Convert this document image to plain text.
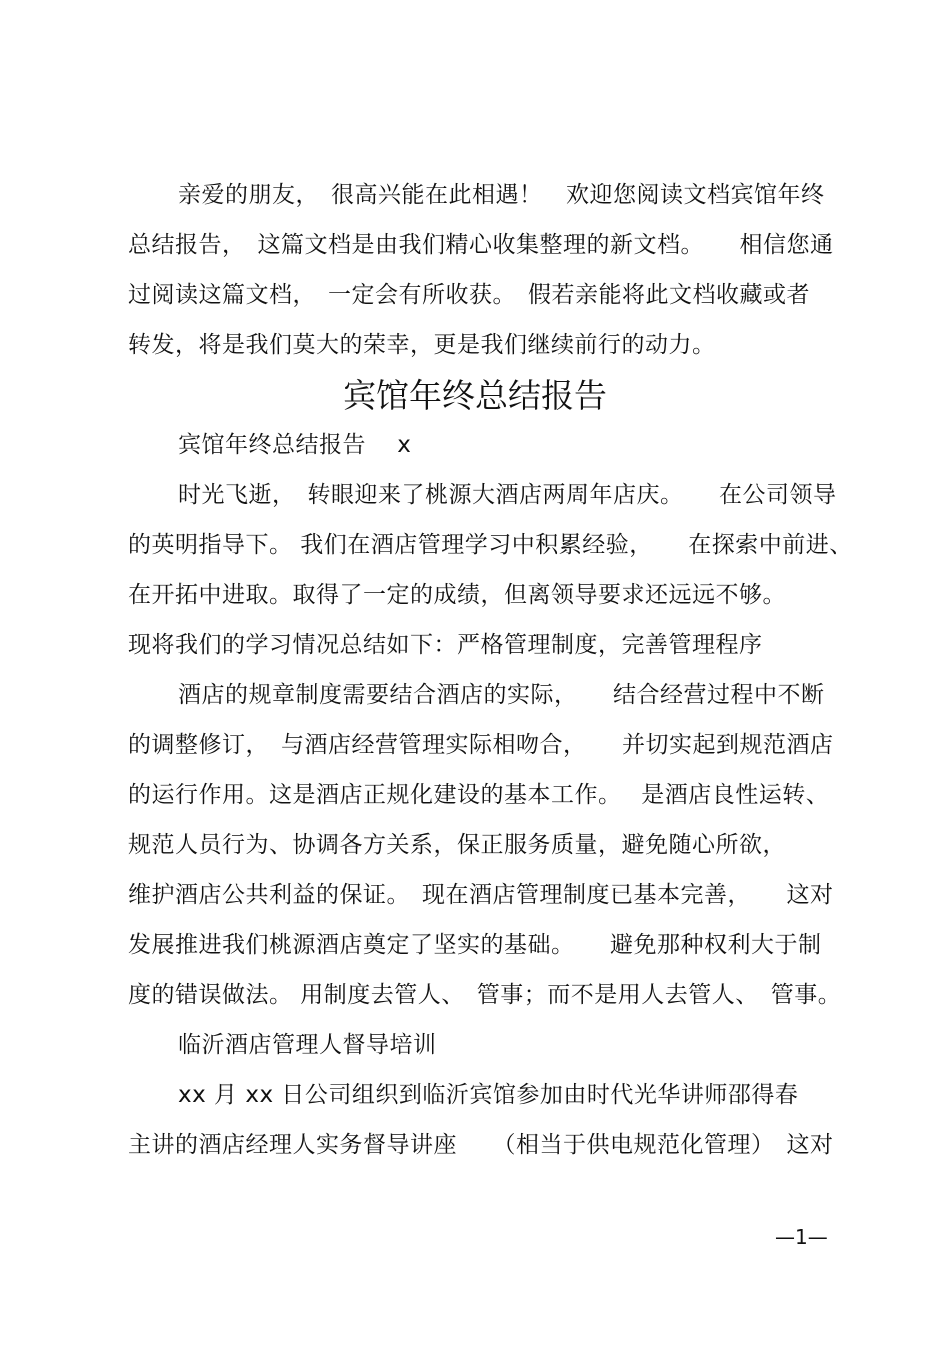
亲爱的朋友，　很高兴能在此相遇！　欢迎您阅读文档宾馆年终
总结报告，　这篇文档是由我们精心收集整理的新文档。　　相信您通
过阅读这篇文档，　一定会有所收获。　假若亲能将此文档收藏或者
转发，将是我们莫大的荣幸，更是我们继续前行的动力。
宾馆年终总结报告
宾馆年终总结报告　 x
时光飞逝，　转眼迎来了桃源大酒店两周年店庆。　　在公司领导
的英明指导下。 我们在酒店管理学习中积累经验，　　在探索中前进、
在开拓中进取。取得了一定的成绩，但离领导要求还远远不够。
现将我们的学习情况总结如下：严格管理制度，完善管理程序
酒店的规章制度需要结合酒店的实际，　　结合经营过程中不断
的调整修订，　与酒店经营管理实际相吻合，　　并切实起到规范酒店
的运行作用。这是酒店正规化建设的基本工作。　 是酒店良性运转、
规范人员行为、协调各方关系，保正服务质量，避免随心所欲，
维护酒店公共利益的保证。　现在酒店管理制度已基本完善，　　这对
发展推进我们桃源酒店奠定了坚实的基础。　　避免那种权利大于制
度的错误做法。 用制度去管人、　管事；而不是用人去管人、　管事。
临沂酒店管理人督导培训
xx 月 xx 日公司组织到临沂宾馆参加由时代光华讲师邵得春
主讲的酒店经理人实务督导讲座　　（相当于供电规范化管理）　这对
—1—
